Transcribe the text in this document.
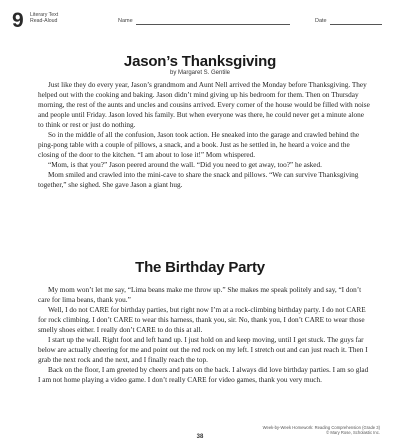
9 Literary Text
Read-Aloud	Name	Date
Jason’s Thanksgiving
by Margaret S. Gentile

Just like they do every year, Jason’s grandmom and Aunt Nell arrived the Monday before Thanksgiving. They helped out with the cooking and baking. Jason didn’t mind giving up his bedroom for them. Then on Thursday morning, the rest of the aunts and uncles and cousins arrived. Every corner of the house would be filled with noise and people until Friday. Jason loved his family. But when everyone was there, he could never get a minute alone to think or rest or just do nothing.

So in the middle of all the confusion, Jason took action. He sneaked into the garage and crawled behind the ping-pong table with a couple of pillows, a snack, and a book. Just as he settled in, he heard a voice and the closing of the door to the kitchen. “I am about to lose it!” Mom whispered.

“Mom, is that you?” Jason peered around the wall. “Did you need to get away, too?” he asked.

Mom smiled and crawled into the mini-cave to share the snack and pillows. “We can survive Thanksgiving together,” she sighed. She gave Jason a giant hug.

The Birthday Party

My mom won’t let me say, “Lima beans make me throw up.” She makes me speak politely and say, “I don’t care for lima beans, thank you.”

Well, I do not CARE for birthday parties, but right now I’m at a rock-climbing birthday party. I do not CARE for rock climbing. I don’t CARE to wear this harness, thank you, sir. No, thank you, I don’t CARE to wear those smelly shoes either. I really don’t CARE to do this at all.

I start up the wall. Right foot and left hand up. I just hold on and keep moving, until I get stuck. The guys far below are actually cheering for me and point out the red rock on my left. I stretch out and can just reach it. Then I grab the next rock and the next, and I finally reach the top.

Back on the floor, I am greeted by cheers and pats on the back. I always did love birthday parties. I am so glad I am not home playing a video game. I don’t really CARE for video games, thank you very much.

Week-by-Week Homework: Reading Comprehension (Grade 3)
© Mary Rose, Scholastic Inc.
38
